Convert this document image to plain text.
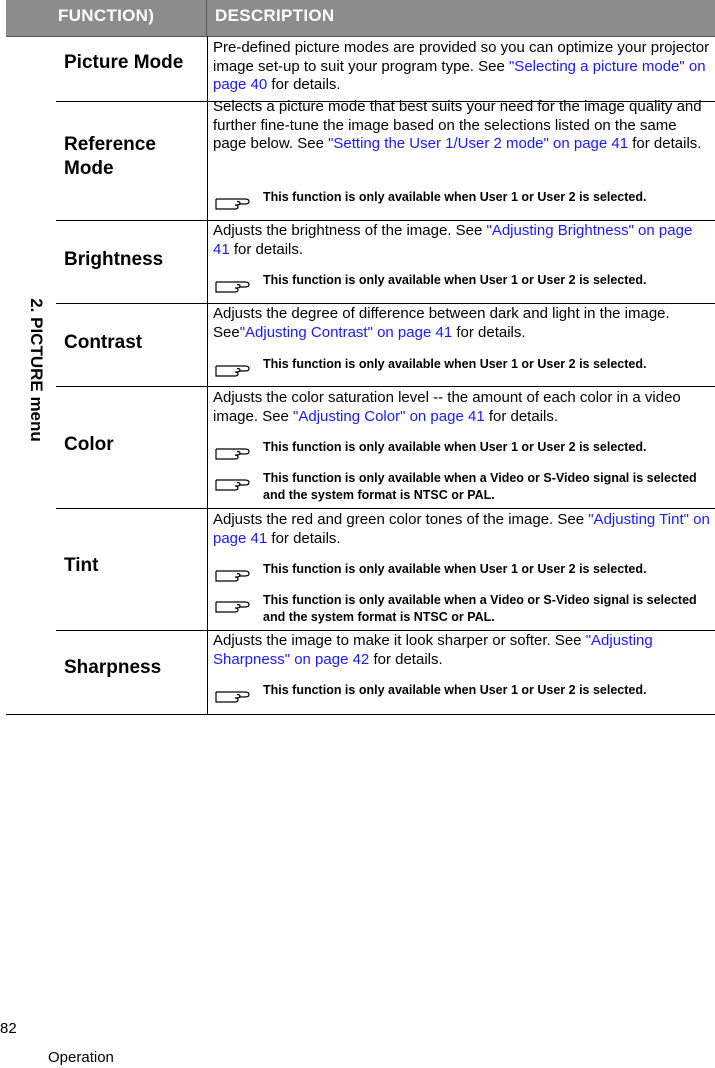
FUNCTION)	DESCRIPTION
2. PICTURE menu
Picture Mode
Pre-defined picture modes are provided so you can optimize your projector image set-up to suit your program type. See "Selecting a picture mode" on page 40 for details.
Reference Mode
Selects a picture mode that best suits your need for the image quality and further fine-tune the image based on the selections listed on the same page below. See "Setting the User 1/User 2 mode" on page 41 for details.
This function is only available when User 1 or User 2 is selected.
Brightness
Adjusts the brightness of the image. See "Adjusting Brightness" on page 41 for details.
This function is only available when User 1 or User 2 is selected.
Contrast
Adjusts the degree of difference between dark and light in the image. See"Adjusting Contrast" on page 41 for details.
This function is only available when User 1 or User 2 is selected.
Color
Adjusts the color saturation level -- the amount of each color in a video image. See "Adjusting Color" on page 41 for details.
This function is only available when User 1 or User 2 is selected.
This function is only available when a Video or S-Video signal is selected and the system format is NTSC or PAL.
Tint
Adjusts the red and green color tones of the image. See "Adjusting Tint" on page 41 for details.
This function is only available when User 1 or User 2 is selected.
This function is only available when a Video or S-Video signal is selected and the system format is NTSC or PAL.
Sharpness
Adjusts the image to make it look sharper or softer. See "Adjusting Sharpness" on page 42 for details.
This function is only available when User 1 or User 2 is selected.
82
Operation
